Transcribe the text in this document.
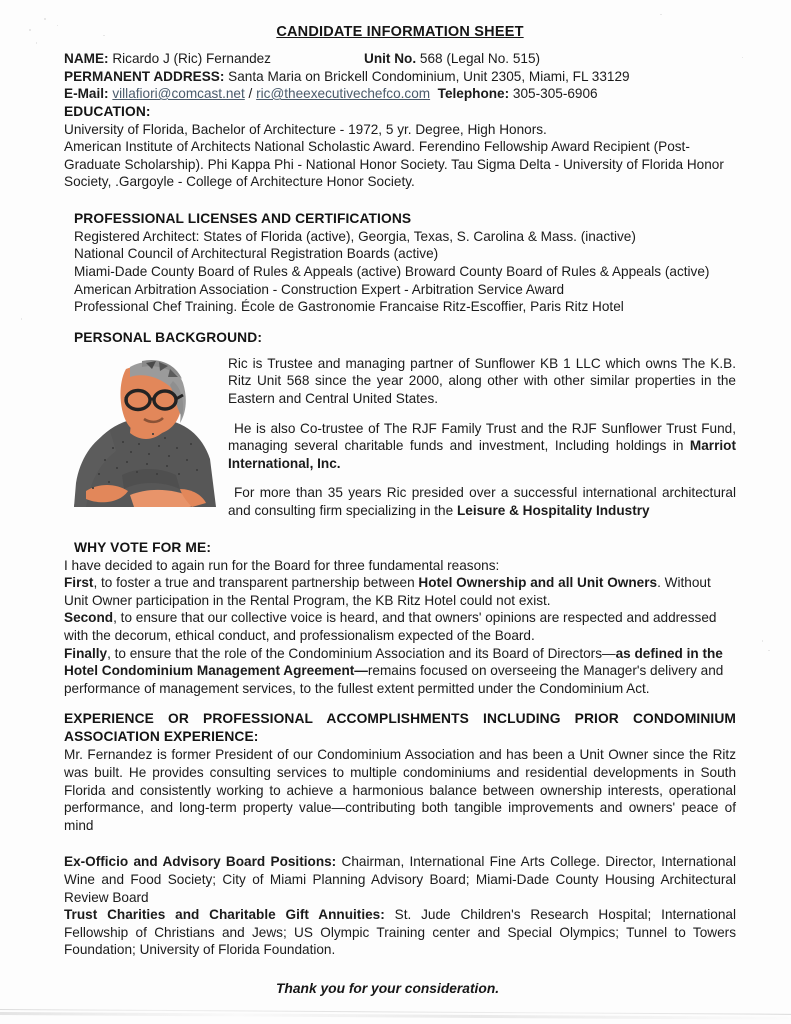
CANDIDATE INFORMATION SHEET
NAME: Ricardo J (Ric) Fernandez	Unit No. 568 (Legal No. 515)
PERMANENT ADDRESS: Santa Maria on Brickell Condominium, Unit 2305, Miami, FL 33129
E-Mail: villafiori@comcast.net / ric@theexecutivechefco.com Telephone: 305-305-6906
EDUCATION:
University of Florida, Bachelor of Architecture - 1972, 5 yr. Degree, High Honors.
American Institute of Architects National Scholastic Award. Ferendino Fellowship Award Recipient (Post-Graduate Scholarship). Phi Kappa Phi - National Honor Society. Tau Sigma Delta - University of Florida Honor Society, .Gargoyle - College of Architecture Honor Society.
PROFESSIONAL LICENSES AND CERTIFICATIONS
Registered Architect: States of Florida (active), Georgia, Texas, S. Carolina & Mass. (inactive)
National Council of Architectural Registration Boards (active)
Miami-Dade County Board of Rules & Appeals (active) Broward County Board of Rules & Appeals (active)
American Arbitration Association - Construction Expert - Arbitration Service Award
Professional Chef Training. École de Gastronomie Francaise Ritz-Escoffier, Paris Ritz Hotel
PERSONAL BACKGROUND:

Ric is Trustee and managing partner of Sunflower KB 1 LLC which owns The K.B. Ritz Unit 568 since the year 2000, along other with other similar properties in the Eastern and Central United States.

He is also Co-trustee of The RJF Family Trust and the RJF Sunflower Trust Fund, managing several charitable funds and investment, Including holdings in Marriot International, Inc.

For more than 35 years Ric presided over a successful international architectural and consulting firm specializing in the Leisure & Hospitality Industry

WHY VOTE FOR ME:
I have decided to again run for the Board for three fundamental reasons:
First, to foster a true and transparent partnership between Hotel Ownership and all Unit Owners. Without Unit Owner participation in the Rental Program, the KB Ritz Hotel could not exist.
Second, to ensure that our collective voice is heard, and that owners' opinions are respected and addressed with the decorum, ethical conduct, and professionalism expected of the Board.
Finally, to ensure that the role of the Condominium Association and its Board of Directors—as defined in the Hotel Condominium Management Agreement—remains focused on overseeing the Manager's delivery and performance of management services, to the fullest extent permitted under the Condominium Act.
EXPERIENCE OR PROFESSIONAL ACCOMPLISHMENTS INCLUDING PRIOR CONDOMINIUM
ASSOCIATION EXPERIENCE:
Mr. Fernandez is former President of our Condominium Association and has been a Unit Owner since the Ritz was built. He provides consulting services to multiple condominiums and residential developments in South Florida and consistently working to achieve a harmonious balance between ownership interests, operational performance, and long-term property value—contributing both tangible improvements and owners' peace of mind
Ex-Officio and Advisory Board Positions: Chairman, International Fine Arts College. Director, International Wine and Food Society; City of Miami Planning Advisory Board; Miami-Dade County Housing Architectural Review Board
Trust Charities and Charitable Gift Annuities: St. Jude Children's Research Hospital; International Fellowship of Christians and Jews; US Olympic Training center and Special Olympics; Tunnel to Towers Foundation; University of Florida Foundation.
Thank you for your consideration.
